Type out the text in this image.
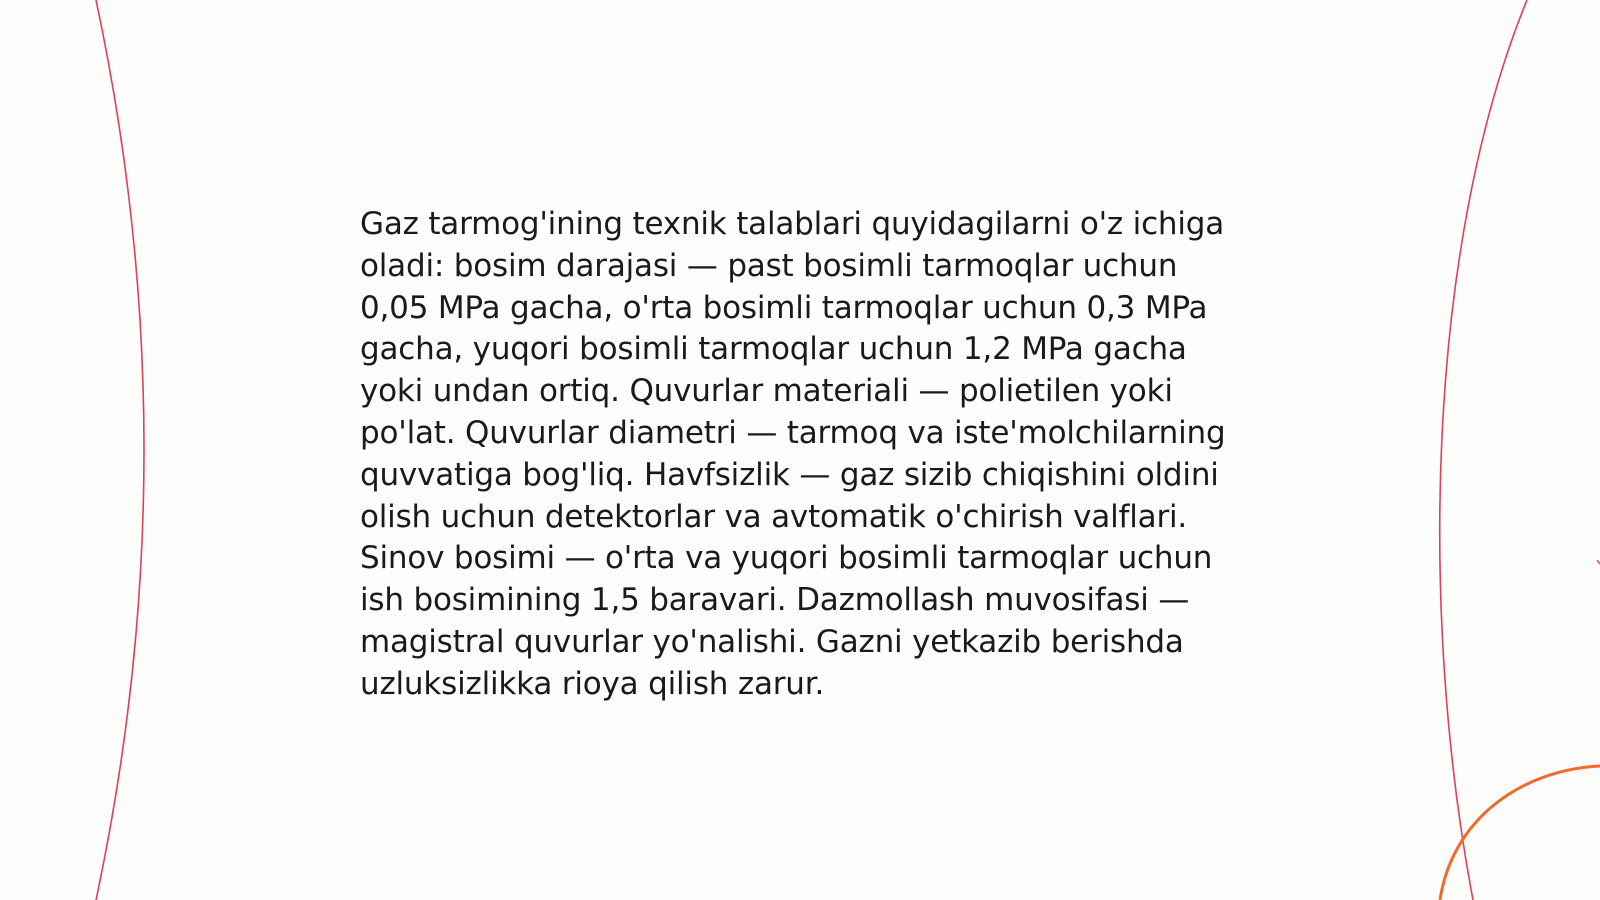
Gaz tarmog'ining texnik talablari quyidagilarni o'z ichiga oladi: bosim darajasi — past bosimli tarmoqlar uchun 0,05 MPa gacha, o'rta bosimli tarmoqlar uchun 0,3 MPa gacha, yuqori bosimli tarmoqlar uchun 1,2 MPa gacha yoki undan ortiq. Quvurlar materiali — polietilen yoki po'lat. Quvurlar diametri — tarmoq va iste'molchilarning quvvatiga bog'liq. Havfsizlik — gaz sizib chiqishini oldini olish uchun detektorlar va avtomatik o'chirish valflari. Sinov bosimi — o'rta va yuqori bosimli tarmoqlar uchun ish bosimining 1,5 baravari. Dazmollash muvosifasi — magistral quvurlar yo'nalishi. Gazni yetkazib berishda uzluksizlikka rioya qilish zarur.
